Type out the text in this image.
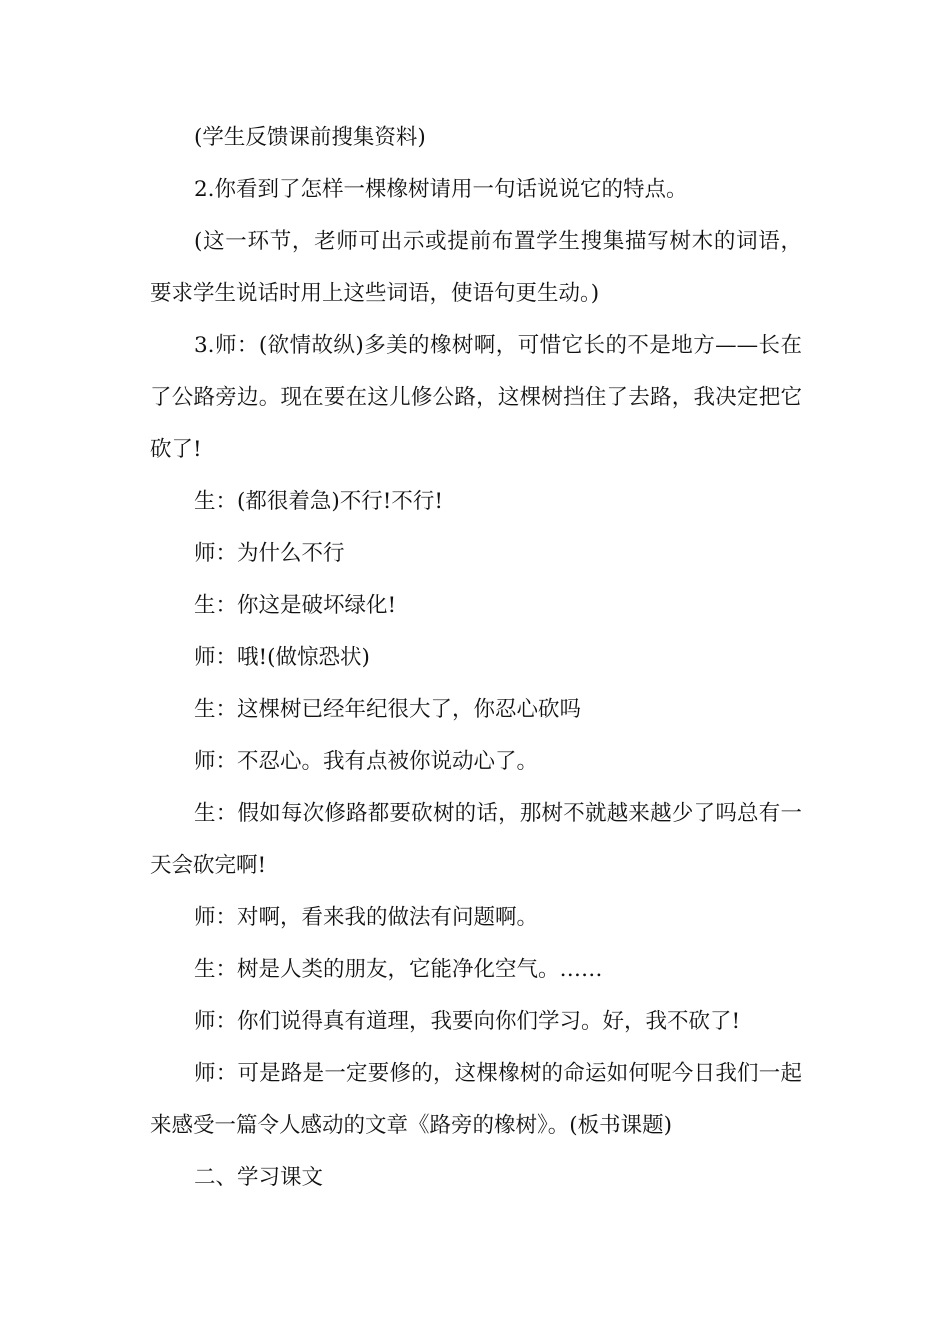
(学生反馈课前搜集资料)

2.你看到了怎样一棵橡树请用一句话说说它的特点。

(这一环节，老师可出示或提前布置学生搜集描写树木的词语，要求学生说话时用上这些词语，使语句更生动。)

3.师：(欲情故纵)多美的橡树啊，可惜它长的不是地方——长在了公路旁边。现在要在这儿修公路，这棵树挡住了去路，我决定把它砍了!

生：(都很着急)不行!不行!

师：为什么不行

生：你这是破坏绿化!

师：哦!(做惊恐状)

生：这棵树已经年纪很大了，你忍心砍吗

师：不忍心。我有点被你说动心了。

生：假如每次修路都要砍树的话，那树不就越来越少了吗总有一天会砍完啊!

师：对啊，看来我的做法有问题啊。

生：树是人类的朋友，它能净化空气。……

师：你们说得真有道理，我要向你们学习。好，我不砍了!

师：可是路是一定要修的，这棵橡树的命运如何呢今日我们一起来感受一篇令人感动的文章《路旁的橡树》。(板书课题)

二、学习课文
